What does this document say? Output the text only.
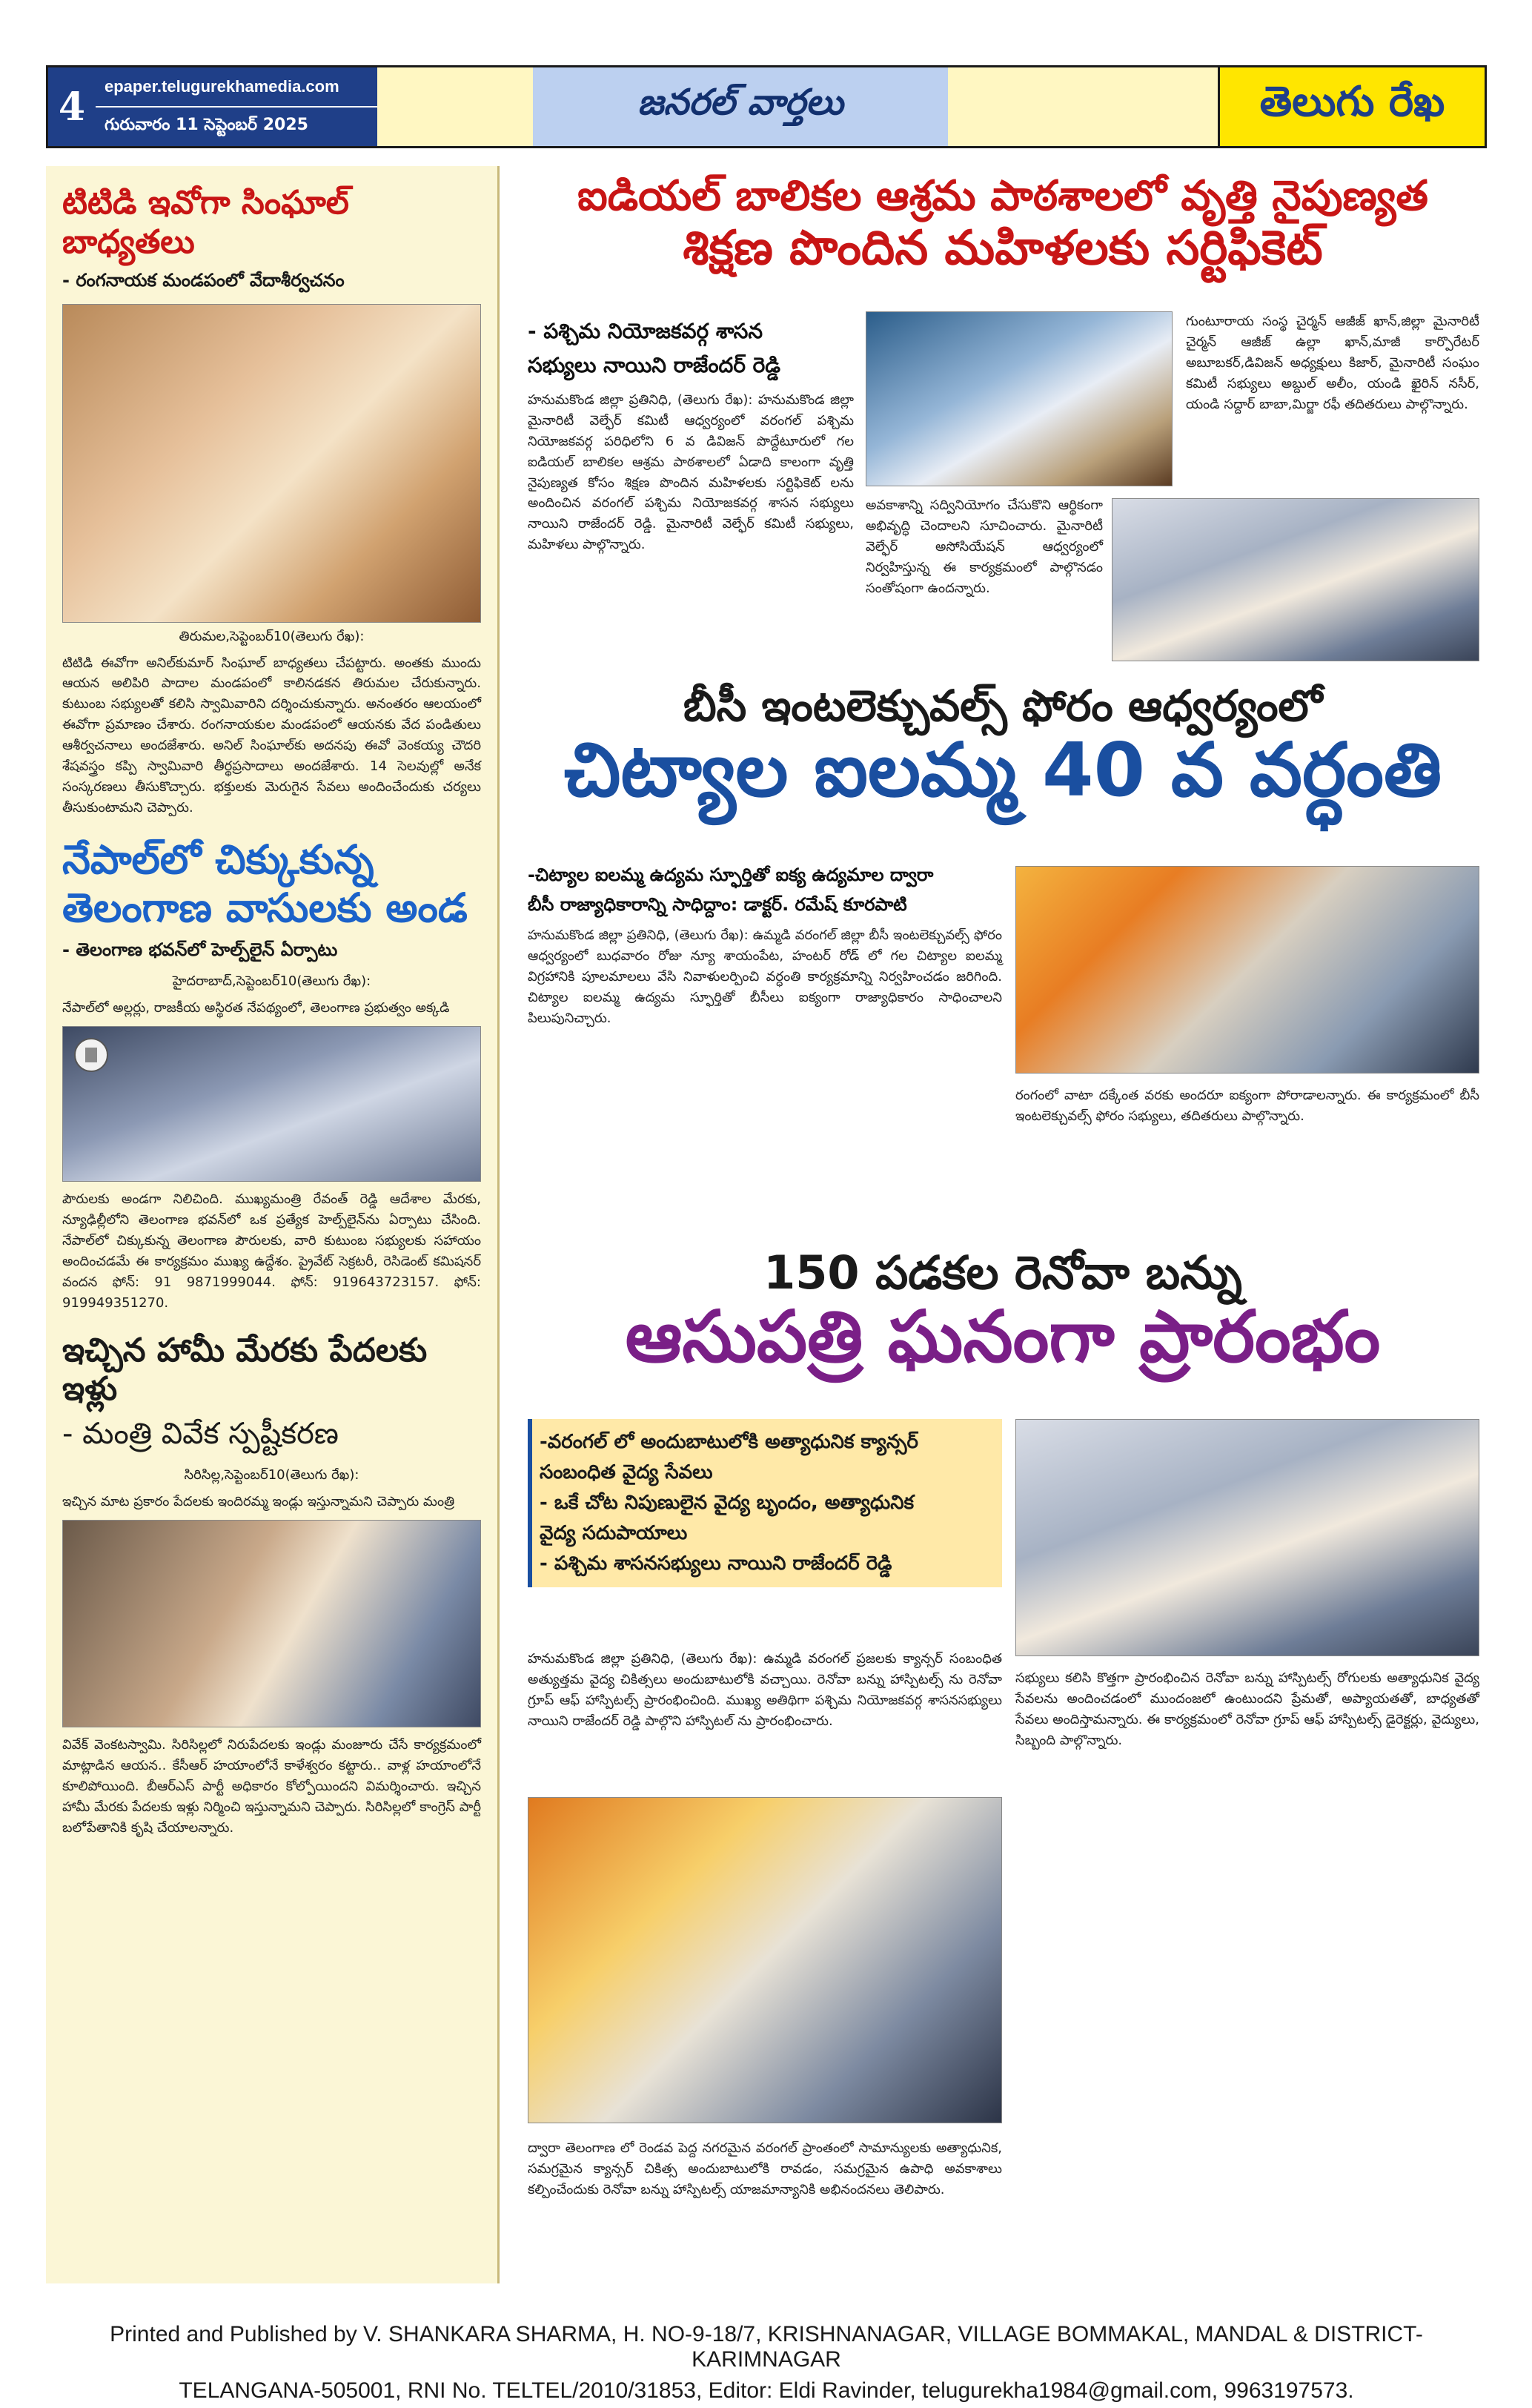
4	epaper.telugurekhamedia.com
గురువారం 11 సెప్టెంబర్ 2025
జనరల్ వార్తలు	తెలుగు రేఖ
టిటిడి ఇవోగా సింఘాల్ బాధ్యతలు
- రంగనాయక మండపంలో వేదాశీర్వచనం
తిరుమల,సెప్టెంబర్10(తెలుగు రేఖ):
టిటిడి ఈవోగా అనిల్‌కుమార్ సింఘాల్ బాధ్యతలు చేపట్టారు. అంతకు ముందు ఆయన అలిపిరి పాదాల మండపంలో కాలినడకన తిరుమల చేరుకున్నారు. కుటుంబ సభ్యులతో కలిసి స్వామివారిని దర్శించుకున్నారు. అనంతరం ఆలయంలో ఈవోగా ప్రమాణం చేశారు. రంగనాయకుల మండపంలో ఆయనకు వేద పండితులు ఆశీర్వచనాలు అందజేశారు. అనిల్ సింఘాల్‌కు అదనపు ఈవో వెంకయ్య చౌదరి శేషవస్త్రం కప్పి స్వామివారి తీర్థప్రసాదాలు అందజేశారు. 14 సెలవుల్లో అనేక సంస్కరణలు తీసుకొచ్చారు. భక్తులకు మెరుగైన సేవలు అందించేందుకు చర్యలు తీసుకుంటామని చెప్పారు.
నేపాల్‌లో చిక్కుకున్న
తెలంగాణ వాసులకు అండ
- తెలంగాణ భవన్‌లో హెల్ప్‌లైన్ ఏర్పాటు
హైదరాబాద్,సెప్టెంబర్10(తెలుగు రేఖ):
నేపాల్‌లో అల్లర్లు, రాజకీయ అస్థిరత నేపథ్యంలో, తెలంగాణ ప్రభుత్వం అక్కడి
పౌరులకు అండగా నిలిచింది. ముఖ్యమంత్రి రేవంత్ రెడ్డి ఆదేశాల మేరకు, న్యూఢిల్లీలోని తెలంగాణ భవన్‌లో ఒక ప్రత్యేక హెల్ప్‌లైన్‌ను ఏర్పాటు చేసింది. నేపాల్‌లో చిక్కుకున్న తెలంగాణ పౌరులకు, వారి కుటుంబ సభ్యులకు సహాయం అందించడమే ఈ కార్యక్రమం ముఖ్య ఉద్దేశం. ప్రైవేట్ సెక్రటరీ, రెసిడెంట్ కమిషనర్ వందన ఫోన్: 91 9871999044. ఫోన్: 919643723157. ఫోన్: 919949351270.
ఇచ్చిన హామీ మేరకు పేదలకు ఇళ్లు
- మంత్రి వివేక స్పష్టీకరణ
సిరిసిల్ల,సెప్టెంబర్10(తెలుగు రేఖ):
ఇచ్చిన మాట ప్రకారం పేదలకు ఇందిరమ్మ ఇండ్లు ఇస్తున్నామని చెప్పారు మంత్రి
వివేక్ వెంకటస్వామి. సిరిసిల్లలో నిరుపేదలకు ఇండ్లు మంజూరు చేసే కార్యక్రమంలో మాట్లాడిన ఆయన.. కేసీఆర్ హయాంలోనే కాళేశ్వరం కట్టారు.. వాళ్ల హయాంలోనే కూలిపోయింది. బీఆర్ఎస్ పార్టీ అధికారం కోల్పోయిందని విమర్శించారు. ఇచ్చిన హామీ మేరకు పేదలకు ఇళ్లు నిర్మించి ఇస్తున్నామని చెప్పారు. సిరిసిల్లలో కాంగ్రెస్ పార్టీ బలోపేతానికి కృషి చేయాలన్నారు.
ఐడియల్ బాలికల ఆశ్రమ పాఠశాలలో వృత్తి నైపుణ్యత
శిక్షణ పొందిన మహిళలకు సర్టిఫికెట్
- పశ్చిమ నియోజకవర్గ శాసన
సభ్యులు నాయిని రాజేందర్ రెడ్డి
హనుమకొండ జిల్లా ప్రతినిధి, (తెలుగు రేఖ): హనుమకొండ జిల్లా మైనారిటీ వెల్ఫేర్ కమిటీ ఆధ్వర్యంలో వరంగల్ పశ్చిమ నియోజకవర్గ పరిధిలోని 6 వ డివిజన్ పొద్దేటూరులో గల ఐడియల్ బాలికల ఆశ్రమ పాఠశాలలో ఏడాది కాలంగా వృత్తి నైపుణ్యత కోసం శిక్షణ పొందిన మహిళలకు సర్టిఫికెట్ లను అందించిన వరంగల్ పశ్చిమ నియోజకవర్గ శాసన సభ్యులు నాయిని రాజేందర్ రెడ్డి. మైనారిటీ వెల్ఫేర్ కమిటీ సభ్యులు, మహిళలు పాల్గొన్నారు.
గుంటూరాయ సంస్థ చైర్మన్ ఆజీజ్ ఖాన్,జిల్లా మైనారిటీ చైర్మన్ ఆజీజ్ ఉల్లా ఖాన్,మాజీ కార్పొరేటర్ అబూబకర్,డివిజన్ అధ్యక్షులు కిజార్, మైనారిటీ సంఘం కమిటీ సభ్యులు అబ్దుల్ అలీం, యండి ఖైరిన్ నసీర్, యండి సద్దార్ బాబా,మిర్జా రఫీ తదితరులు పాల్గొన్నారు.
అవకాశాన్ని సద్వినియోగం చేసుకొని ఆర్థికంగా అభివృద్ధి చెందాలని సూచించారు. మైనారిటీ వెల్ఫేర్ అసోసియేషన్ ఆధ్వర్యంలో నిర్వహిస్తున్న ఈ కార్యక్రమంలో పాల్గొనడం సంతోషంగా ఉందన్నారు.
బీసీ ఇంటలెక్చువల్స్ ఫోరం ఆధ్వర్యంలో
చిట్యాల ఐలమ్మ 40 వ వర్ధంతి
-చిట్యాల ఐలమ్మ ఉద్యమ స్ఫూర్తితో ఐక్య ఉద్యమాల ద్వారా
బీసీ రాజ్యాధికారాన్ని సాధిద్దాం: డాక్టర్. రమేష్ కూరపాటి
హనుమకొండ జిల్లా ప్రతినిధి, (తెలుగు రేఖ): ఉమ్మడి వరంగల్ జిల్లా బీసీ ఇంటలెక్చువల్స్ ఫోరం ఆధ్వర్యంలో బుధవారం రోజు న్యూ శాయంపేట, హంటర్ రోడ్ లో గల చిట్యాల ఐలమ్మ విగ్రహానికి పూలమాలలు వేసి నివాళులర్పించి వర్ధంతి కార్యక్రమాన్ని నిర్వహించడం జరిగింది. చిట్యాల ఐలమ్మ ఉద్యమ స్ఫూర్తితో బీసీలు ఐక్యంగా రాజ్యాధికారం సాధించాలని పిలుపునిచ్చారు.
రంగంలో వాటా దక్కేంత వరకు అందరూ ఐక్యంగా పోరాడాలన్నారు. ఈ కార్యక్రమంలో బీసీ ఇంటలెక్చువల్స్ ఫోరం సభ్యులు, తదితరులు పాల్గొన్నారు.
150 పడకల రెనోవా బన్ను
ఆసుపత్రి ఘనంగా ప్రారంభం
-వరంగల్ లో అందుబాటులోకి అత్యాధునిక క్యాన్సర్
సంబంధిత వైద్య సేవలు
- ఒకే చోట నిపుణులైన వైద్య బృందం, అత్యాధునిక
వైద్య సదుపాయాలు
- పశ్చిమ శాసనసభ్యులు నాయిని రాజేందర్ రెడ్డి
హనుమకొండ జిల్లా ప్రతినిధి, (తెలుగు రేఖ): ఉమ్మడి వరంగల్ ప్రజలకు క్యాన్సర్ సంబంధిత అత్యుత్తమ వైద్య చికిత్సలు అందుబాటులోకి వచ్చాయి. రెనోవా బన్ను హాస్పిటల్స్ ను రెనోవా గ్రూప్ ఆఫ్ హాస్పిటల్స్ ప్రారంభించింది. ముఖ్య అతిథిగా పశ్చిమ నియోజకవర్గ శాసనసభ్యులు నాయిని రాజేందర్ రెడ్డి పాల్గొని హాస్పిటల్ ను ప్రారంభించారు.
సభ్యులు కలిసి కొత్తగా ప్రారంభించిన రెనోవా బన్ను హాస్పిటల్స్ రోగులకు అత్యాధునిక వైద్య సేవలను అందించడంలో ముందంజలో ఉంటుందని ప్రేమతో, అప్యాయతతో, బాధ్యతతో సేవలు అందిస్తామన్నారు. ఈ కార్యక్రమంలో రెనోవా గ్రూప్ ఆఫ్ హాస్పిటల్స్ డైరెక్టర్లు, వైద్యులు, సిబ్బంది పాల్గొన్నారు.
ద్వారా తెలంగాణ లో రెండవ పెద్ద నగరమైన వరంగల్ ప్రాంతంలో సామాన్యులకు అత్యాధునిక, సమగ్రమైన క్యాన్సర్ చికిత్స అందుబాటులోకి రావడం, సమగ్రమైన ఉపాధి అవకాశాలు కల్పించేందుకు రెనోవా బన్ను హాస్పిటల్స్ యాజమాన్యానికి అభినందనలు తెలిపారు.
Printed and Published by V. SHANKARA SHARMA, H. NO-9-18/7, KRISHNANAGAR, VILLAGE BOMMAKAL, MANDAL & DISTRICT-KARIMNAGAR
TELANGANA-505001, RNI No. TELTEL/2010/31853, Editor: Eldi Ravinder, telugurekha1984@gmail.com, 9963197573.
